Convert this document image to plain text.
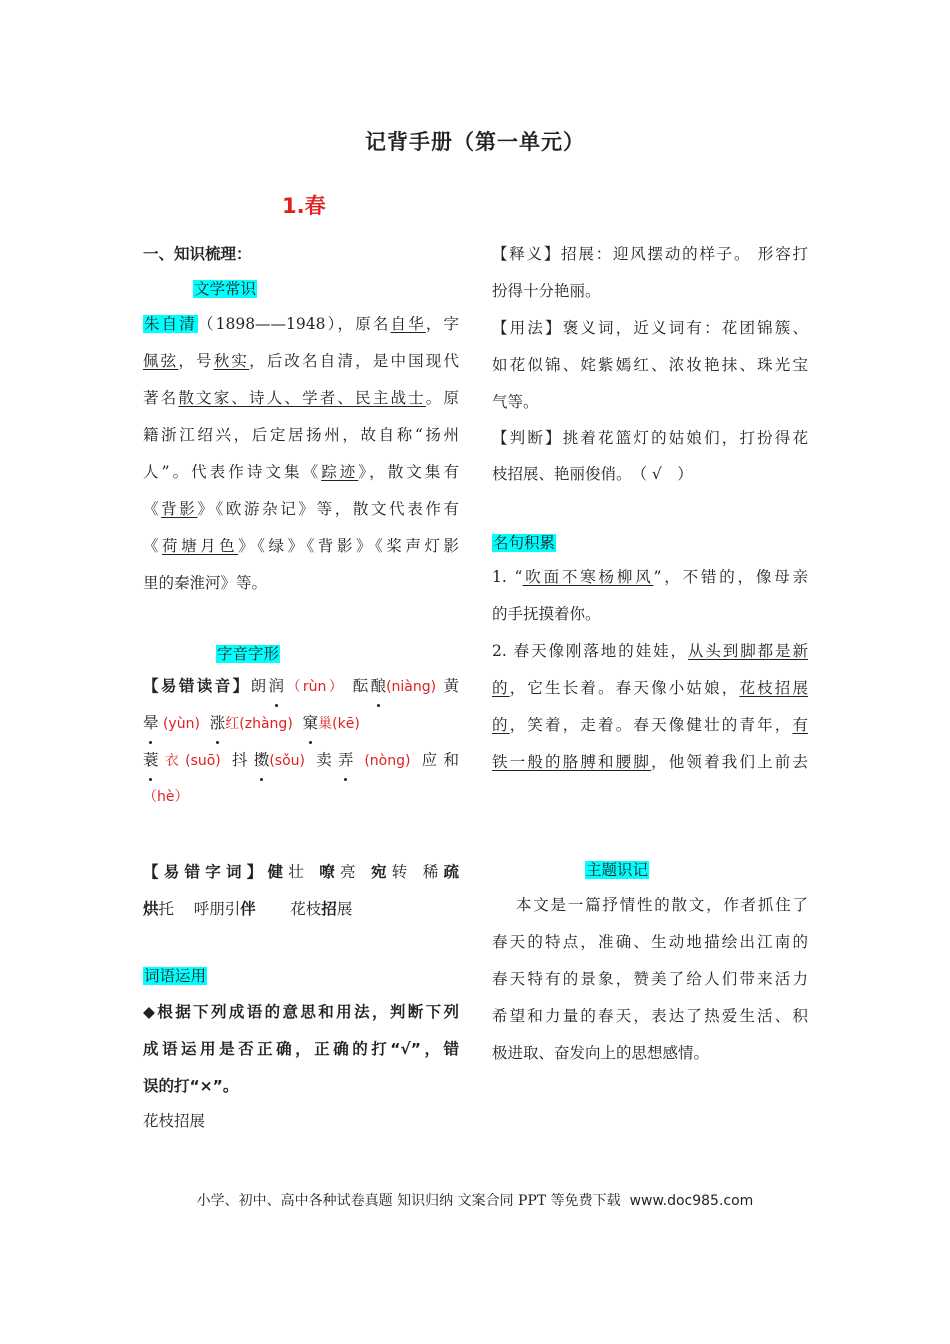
记背手册（第一单元）
1.春
一、知识梳理：
文学常识
朱自清（1898——1948），原名自华，字
佩弦，号秋实，后改名自清，是中国现代
著名散文家、诗人、学者、民主战士。原
籍浙江绍兴，后定居扬州，故自称“扬州
人”。代表作诗文集《踪迹》，散文集有
《背影》《欧游杂记》等，散文代表作有
《荷塘月色》《绿》《背影》《桨声灯影
里的秦淮河》等。
字音字形
【易错读音】朗润（rùn） 酝酿(niàng) 黄
晕 (yùn) 涨红(zhàng) 窠巢(kē)
蓑衣(suō) 抖擞(sǒu) 卖弄 (nòng) 应和
（hè）
【易错字词】健壮 嘹亮 宛转 稀疏
烘托 呼朋引伴 花枝招展
词语运用
◆根据下列成语的意思和用法，判断下列
成语运用是否正确，正确的打“√”，错
误的打“×”。
花枝招展
【释义】招展：迎风摆动的样子。 形容打
扮得十分艳丽。
【用法】褒义词，近义词有：花团锦簇、
如花似锦、姹紫嫣红、浓妆艳抹、珠光宝
气等。
【判断】挑着花篮灯的姑娘们，打扮得花
枝招展、艳丽俊俏。　（ √　）
名句积累
1. “吹面不寒杨柳风”，不错的，像母亲
的手抚摸着你。
2. 春天像刚落地的娃娃，从头到脚都是新
的，它生长着。春天像小姑娘，花枝招展
的，笑着，走着。春天像健壮的青年，有
铁一般的胳膊和腰脚，他领着我们上前去
主题识记
本文是一篇抒情性的散文，作者抓住了
春天的特点，准确、生动地描绘出江南的
春天特有的景象，赞美了给人们带来活力
希望和力量的春天，表达了热爱生活、积
极进取、奋发向上的思想感情。
小学、初中、高中各种试卷真题 知识归纳 文案合同 PPT 等免费下载 www.doc985.com
